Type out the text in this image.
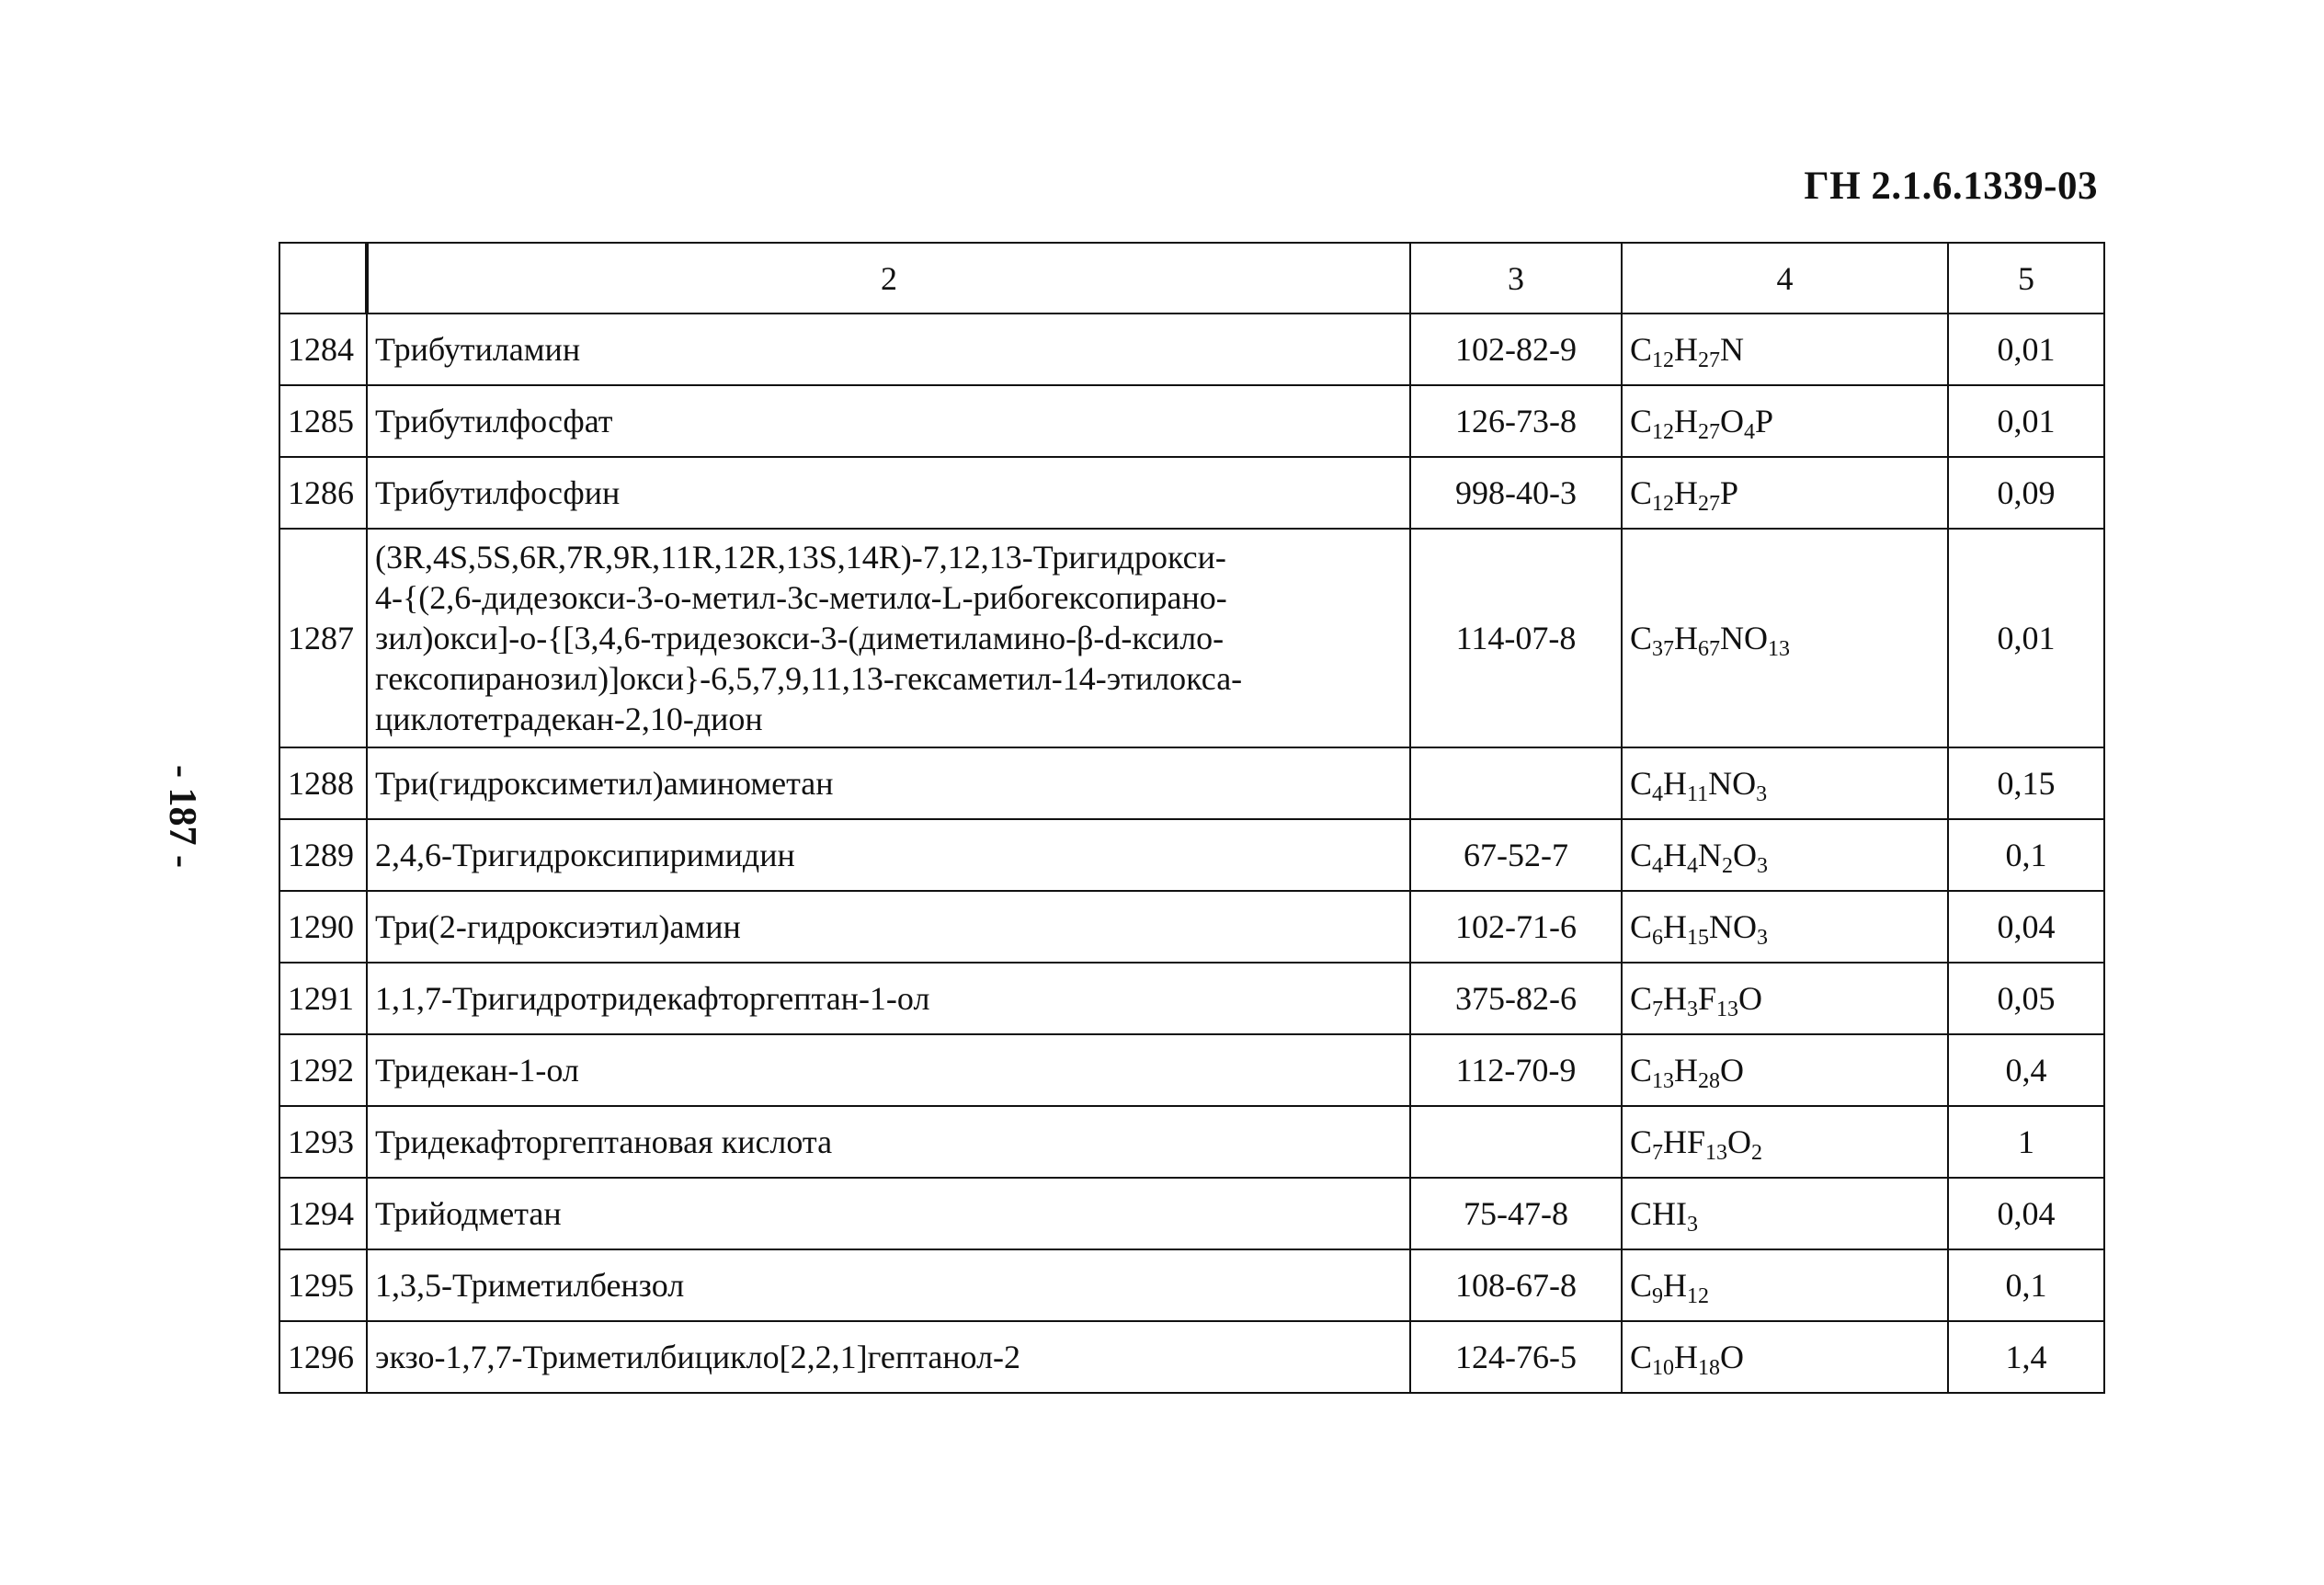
ГН 2.1.6.1339-03
- 187 -
	2	3	4	5
1284	Трибутиламин	102-82-9	$C_{12}H_{27}N$	0,01
1285	Трибутилфосфат	126-73-8	$C_{12}H_{27}O_4P$	0,01
1286	Трибутилфосфин	998-40-3	$C_{12}H_{27}P$	0,09
1287	(3R,4S,5S,6R,7R,9R,11R,12R,13S,14R)-7,12,13-Тригидрокси-
4-{(2,6-дидезокси-3-о-метил-3с-метилα-L-рибогексопирано-
зил)окси]-о-{[3,4,6-тридезокси-3-(диметиламино-β-d-ксило-
гексопиранозил)]окси}-6,5,7,9,11,13-гексаметил-14-этилокса-
циклотетрадекан-2,10-дион	114-07-8	$C_{37}H_{67}NO_{13}$	0,01
1288	Три(гидроксиметил)аминометан		$C_4H_{11}NO_3$	0,15
1289	2,4,6-Тригидроксипиримидин	67-52-7	$C_4H_4N_2O_3$	0,1
1290	Три(2-гидроксиэтил)амин	102-71-6	$C_6H_{15}NO_3$	0,04
1291	1,1,7-Тригидротридекафторгептан-1-ол	375-82-6	$C_7H_3F_{13}O$	0,05
1292	Тридекан-1-ол	112-70-9	$C_{13}H_{28}O$	0,4
1293	Тридекафторгептановая кислота		$C_7HF_{13}O_2$	1
1294	Трийодметан	75-47-8	$CHI_3$	0,04
1295	1,3,5-Триметилбензол	108-67-8	$C_9H_{12}$	0,1
1296	экзо-1,7,7-Триметилбицикло[2,2,1]гептанол-2	124-76-5	$C_{10}H_{18}O$	1,4
